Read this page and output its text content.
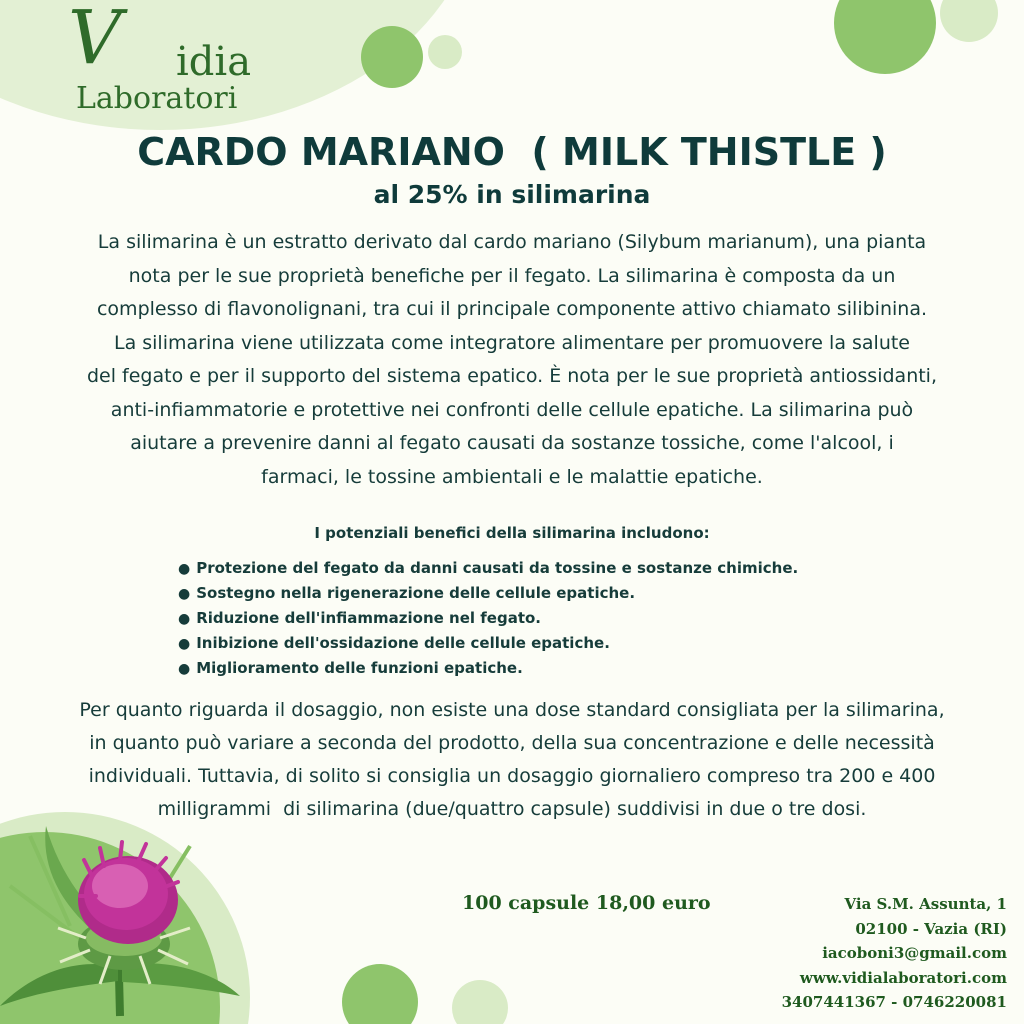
V idia
Laboratori
CARDO MARIANO  ( MILK THISTLE )
al 25% in silimarina
La silimarina è un estratto derivato dal cardo mariano (Silybum marianum), una pianta
nota per le sue proprietà benefiche per il fegato. La silimarina è composta da un
complesso di flavonolignani, tra cui il principale componente attivo chiamato silibinina.
La silimarina viene utilizzata come integratore alimentare per promuovere la salute
del fegato e per il supporto del sistema epatico. È nota per le sue proprietà antiossidanti,
anti-infiammatorie e protettive nei confronti delle cellule epatiche. La silimarina può
aiutare a prevenire danni al fegato causati da sostanze tossiche, come l'alcool, i
farmaci, le tossine ambientali e le malattie epatiche.
I potenziali benefici della silimarina includono:
● Protezione del fegato da danni causati da tossine e sostanze chimiche.
● Sostegno nella rigenerazione delle cellule epatiche.
● Riduzione dell'infiammazione nel fegato.
● Inibizione dell'ossidazione delle cellule epatiche.
● Miglioramento delle funzioni epatiche.
Per quanto riguarda il dosaggio, non esiste una dose standard consigliata per la silimarina,
in quanto può variare a seconda del prodotto, della sua concentrazione e delle necessità
individuali. Tuttavia, di solito si consiglia un dosaggio giornaliero compreso tra 200 e 400
milligrammi  di silimarina (due/quattro capsule) suddivisi in due o tre dosi.
100 capsule 18,00 euro	Via S.M. Assunta, 1
02100 - Vazia (RI)
iacoboni3@gmail.com
www.vidialaboratori.com
3407441367 - 0746220081
